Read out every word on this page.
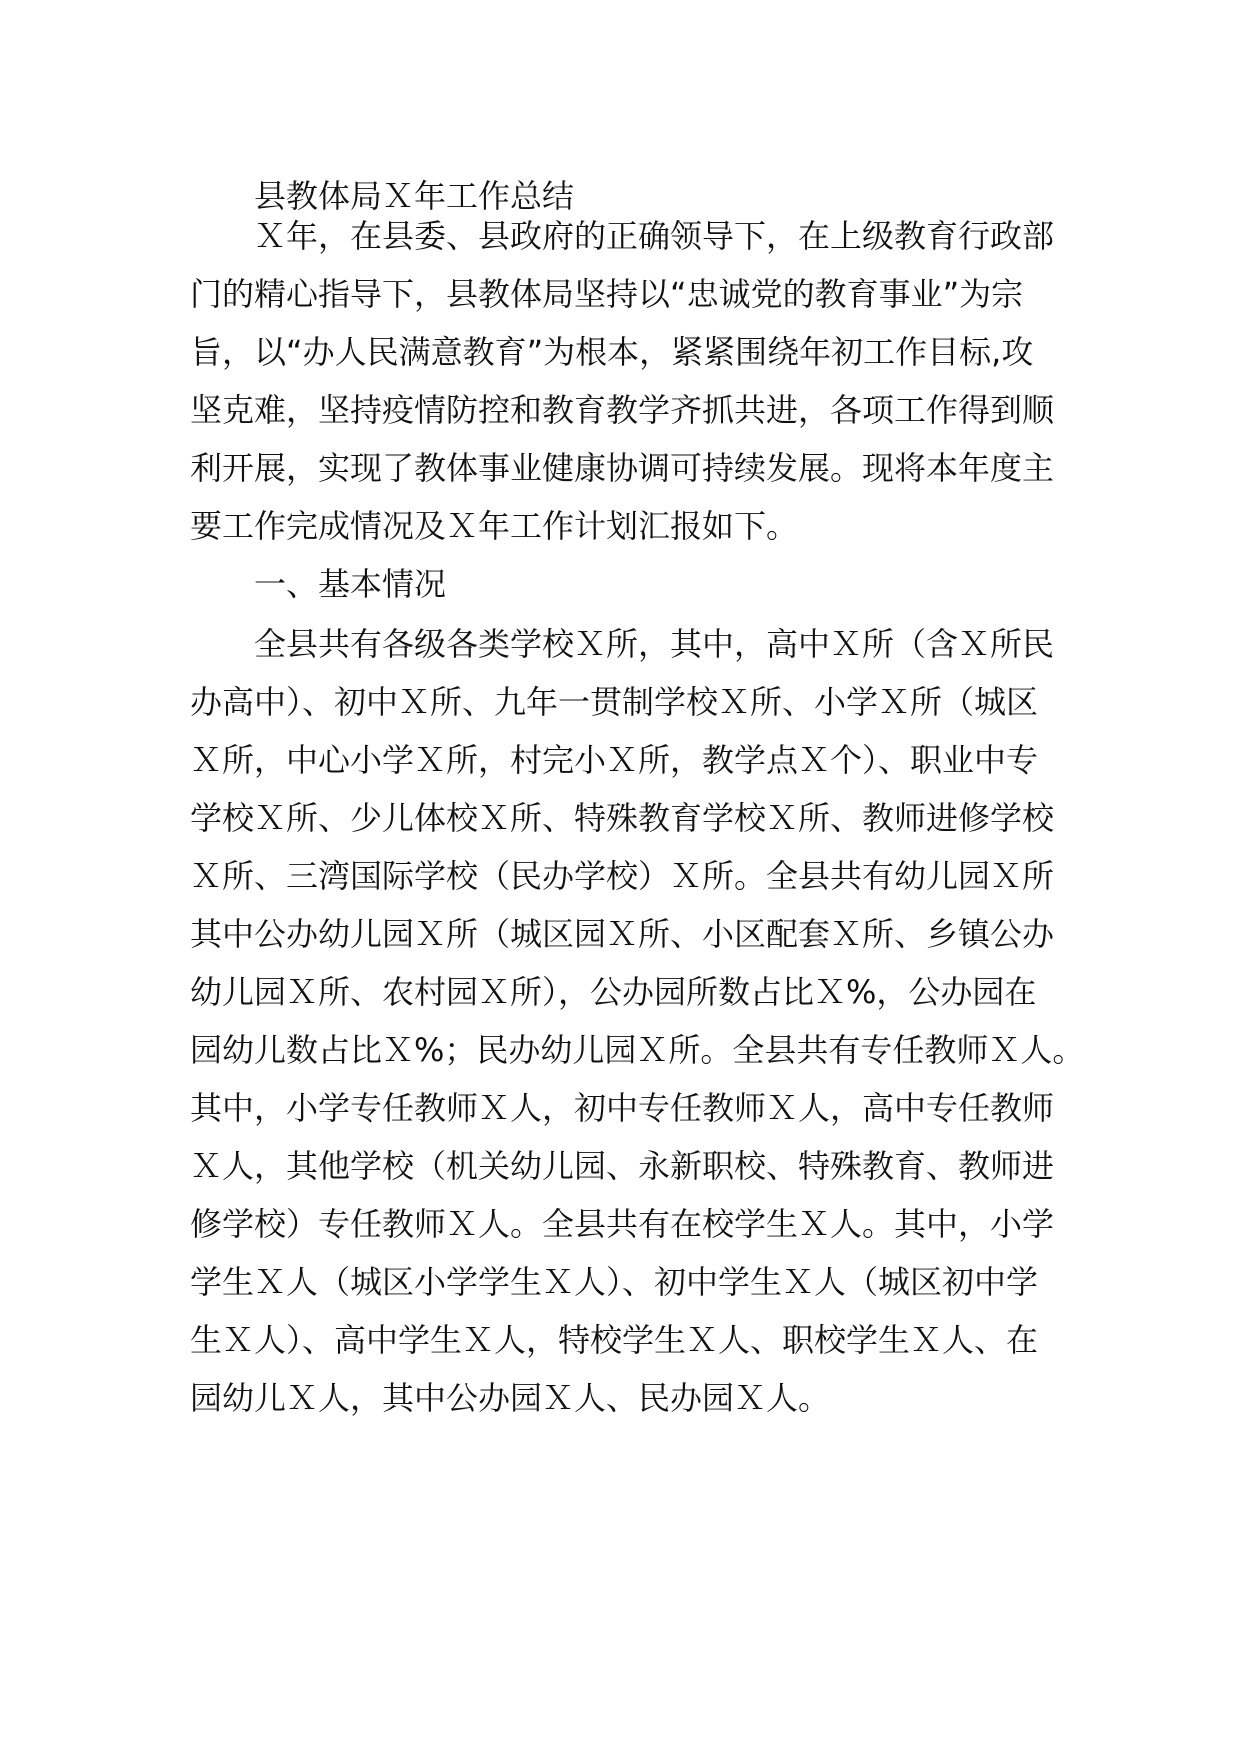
县教体局Ｘ年工作总结
Ｘ年，在县委、县政府的正确领导下，在上级教育行政部
门的精心指导下，县教体局坚持以“忠诚党的教育事业”为宗
旨，以“办人民满意教育”为根本，紧紧围绕年初工作目标,攻
坚克难，坚持疫情防控和教育教学齐抓共进，各项工作得到顺
利开展，实现了教体事业健康协调可持续发展。现将本年度主
要工作完成情况及Ｘ年工作计划汇报如下。
一、基本情况
全县共有各级各类学校Ｘ所，其中，高中Ｘ所（含Ｘ所民
办高中）、初中Ｘ所、九年一贯制学校Ｘ所、小学Ｘ所（城区
Ｘ所，中心小学Ｘ所，村完小Ｘ所，教学点Ｘ个）、职业中专
学校Ｘ所、少儿体校Ｘ所、特殊教育学校Ｘ所、教师进修学校
Ｘ所、三湾国际学校（民办学校）Ｘ所。全县共有幼儿园Ｘ所
其中公办幼儿园Ｘ所（城区园Ｘ所、小区配套Ｘ所、乡镇公办
幼儿园Ｘ所、农村园Ｘ所），公办园所数占比Ｘ%，公办园在
园幼儿数占比Ｘ%；民办幼儿园Ｘ所。全县共有专任教师Ｘ人。
其中，小学专任教师Ｘ人，初中专任教师Ｘ人，高中专任教师
Ｘ人，其他学校（机关幼儿园、永新职校、特殊教育、教师进
修学校）专任教师Ｘ人。全县共有在校学生Ｘ人。其中，小学
学生Ｘ人（城区小学学生Ｘ人）、初中学生Ｘ人（城区初中学
生Ｘ人）、高中学生Ｘ人，特校学生Ｘ人、职校学生Ｘ人、在
园幼儿Ｘ人，其中公办园Ｘ人、民办园Ｘ人。
